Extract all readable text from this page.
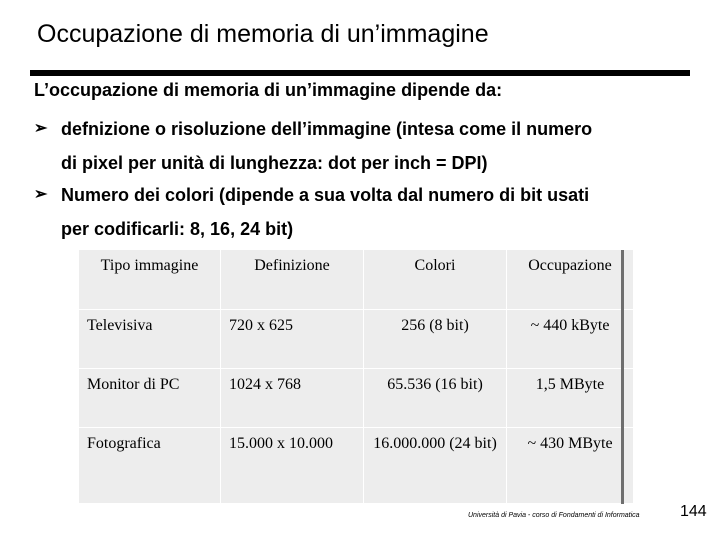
Occupazione di memoria di un’immagine
L’occupazione di memoria di un’immagine dipende da:
➢ defnizione o risoluzione dell’immagine (intesa come il numero
di pixel per unità di lunghezza: dot per inch = DPI)
➢ Numero dei colori (dipende a sua volta dal numero di bit usati
per codificarli: 8, 16, 24 bit)
Tipo immagine	Definizione	Colori	Occupazione
Televisiva	720 x 625	256 (8 bit)	~ 440 kByte
Monitor di PC	1024 x 768	65.536 (16 bit)	1,5 MByte
Fotografica	15.000 x 10.000	16.000.000 (24 bit)	~ 430 MByte
Università di Pavia - corso di Fondamenti di Informatica	144
